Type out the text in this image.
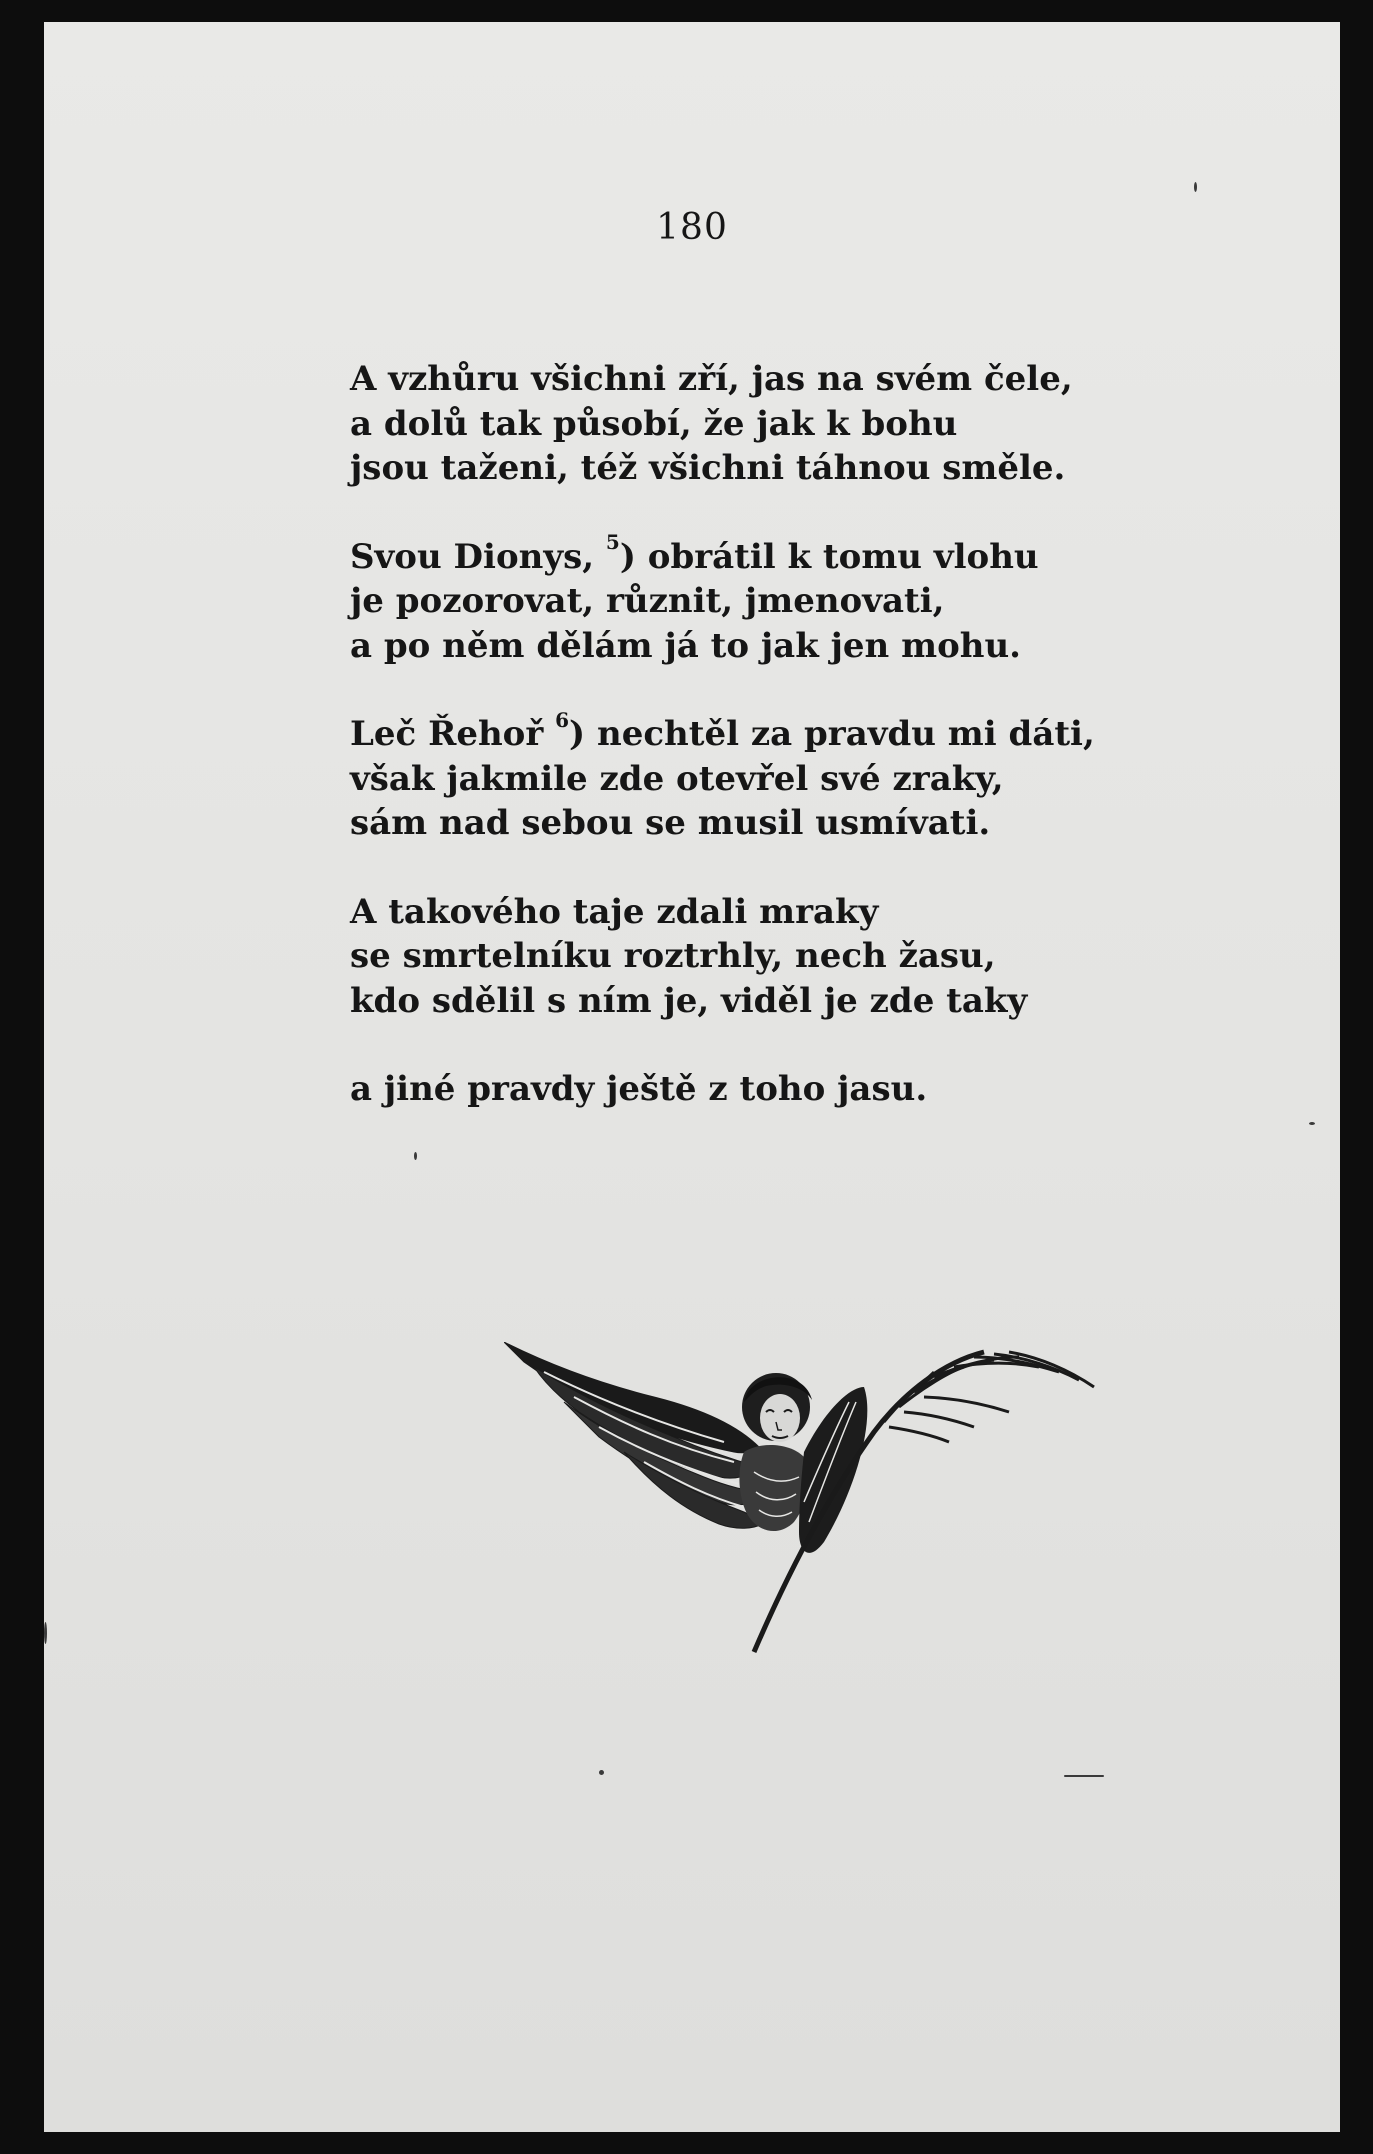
180
A vzhůru všichni zří, jas na svém čele,
a dolů tak působí, že jak k bohu
jsou taženi, též všichni táhnou směle.
Svou Dionys, $^5$) obrátil k tomu vlohu
je pozorovat, různit, jmenovati,
a po něm dělám já to jak jen mohu.
Leč Řehoř $^6$) nechtěl za pravdu mi dáti,
však jakmile zde otevřel své zraky,
sám nad sebou se musil usmívati.
A takového taje zdali mraky
se smrtelníku roztrhly, nech žasu,
kdo sdělil s ním je, viděl je zde taky
a jiné pravdy ještě z toho jasu.
